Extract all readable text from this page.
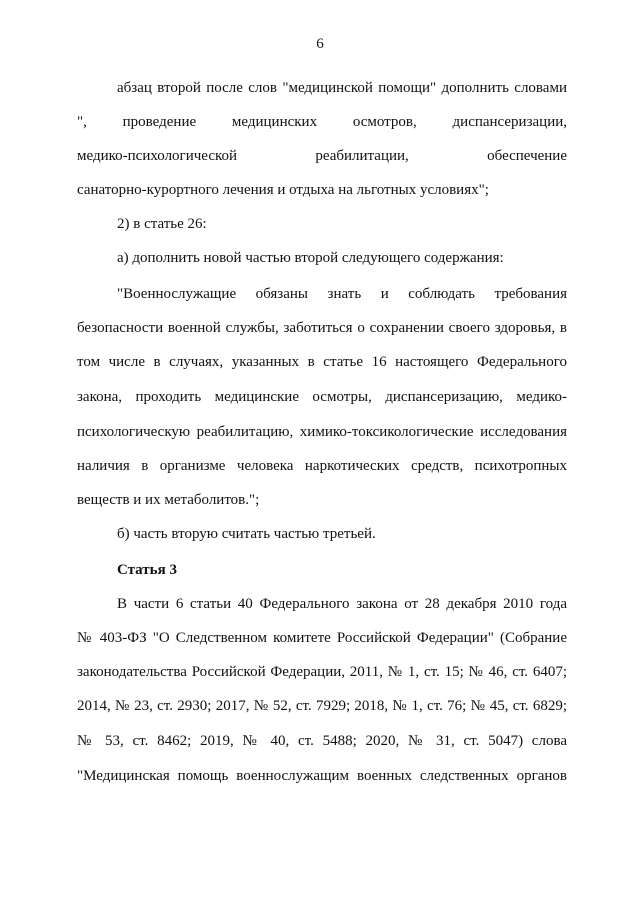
6
абзац второй после слов "медицинской помощи" дополнить словами
", проведение медицинских осмотров, диспансеризации,
медико-психологической реабилитации, обеспечение
санаторно-курортного лечения и отдыха на льготных условиях";
2) в статье 26:
а) дополнить новой частью второй следующего содержания:
"Военнослужащие обязаны знать и соблюдать требования
безопасности военной службы, заботиться о сохранении своего здоровья, в
том числе в случаях, указанных в статье 16 настоящего Федерального
закона, проходить медицинские осмотры, диспансеризацию, медико-
психологическую реабилитацию, химико-токсикологические исследования
наличия в организме человека наркотических средств, психотропных
веществ и их метаболитов.";
б) часть вторую считать частью третьей.
Статья 3
В части 6 статьи 40 Федерального закона от 28 декабря 2010 года
№ 403-ФЗ "О Следственном комитете Российской Федерации" (Собрание
законодательства Российской Федерации, 2011, № 1, ст. 15; № 46, ст. 6407;
2014, № 23, ст. 2930; 2017, № 52, ст. 7929; 2018, № 1, ст. 76; № 45, ст. 6829;
№ 53, ст. 8462; 2019, № 40, ст. 5488; 2020, № 31, ст. 5047) слова
"Медицинская помощь военнослужащим военных следственных органов
